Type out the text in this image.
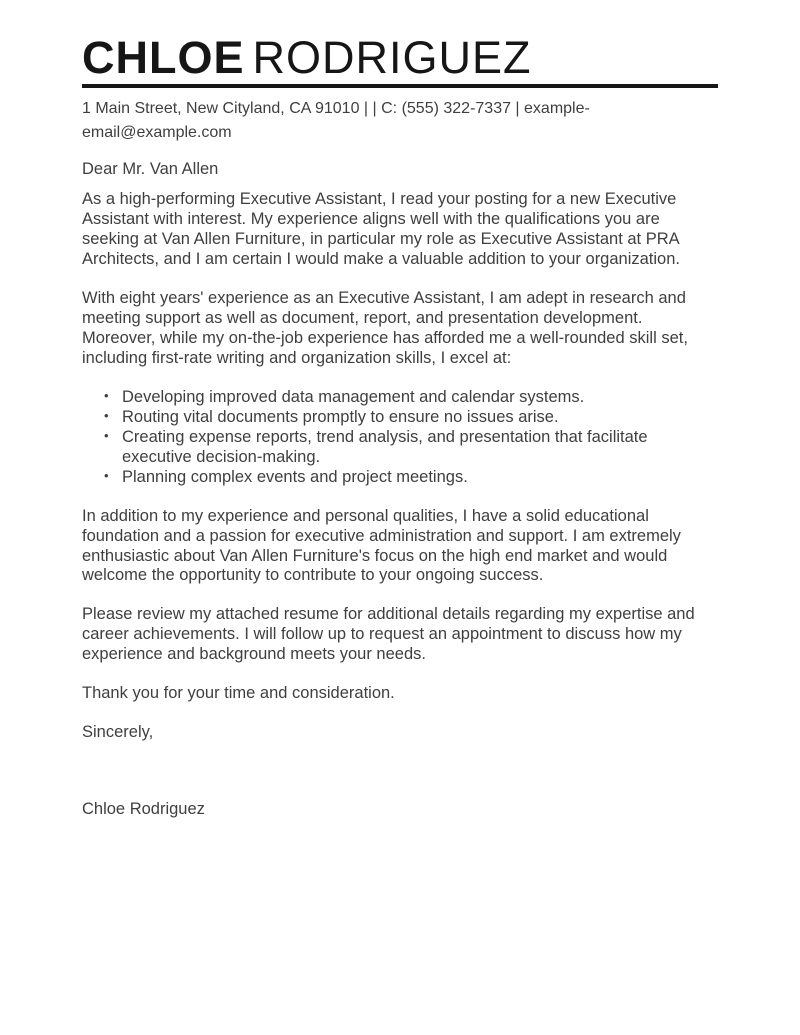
CHLOE RODRIGUEZ
1 Main Street, New Cityland, CA 91010 | | C: (555) 322-7337 | example-
email@example.com

Dear Mr. Van Allen

As a high-performing Executive Assistant, I read your posting for a new Executive Assistant with interest. My experience aligns well with the qualifications you are seeking at Van Allen Furniture, in particular my role as Executive Assistant at PRA Architects, and I am certain I would make a valuable addition to your organization.

With eight years' experience as an Executive Assistant, I am adept in research and meeting support as well as document, report, and presentation development. Moreover, while my on-the-job experience has afforded me a well-rounded skill set, including first-rate writing and organization skills, I excel at:

• Developing improved data management and calendar systems.
• Routing vital documents promptly to ensure no issues arise.
• Creating expense reports, trend analysis, and presentation that facilitate executive decision-making.
• Planning complex events and project meetings.

In addition to my experience and personal qualities, I have a solid educational foundation and a passion for executive administration and support. I am extremely enthusiastic about Van Allen Furniture's focus on the high end market and would welcome the opportunity to contribute to your ongoing success.

Please review my attached resume for additional details regarding my expertise and career achievements. I will follow up to request an appointment to discuss how my experience and background meets your needs.

Thank you for your time and consideration.

Sincerely,

Chloe Rodriguez
